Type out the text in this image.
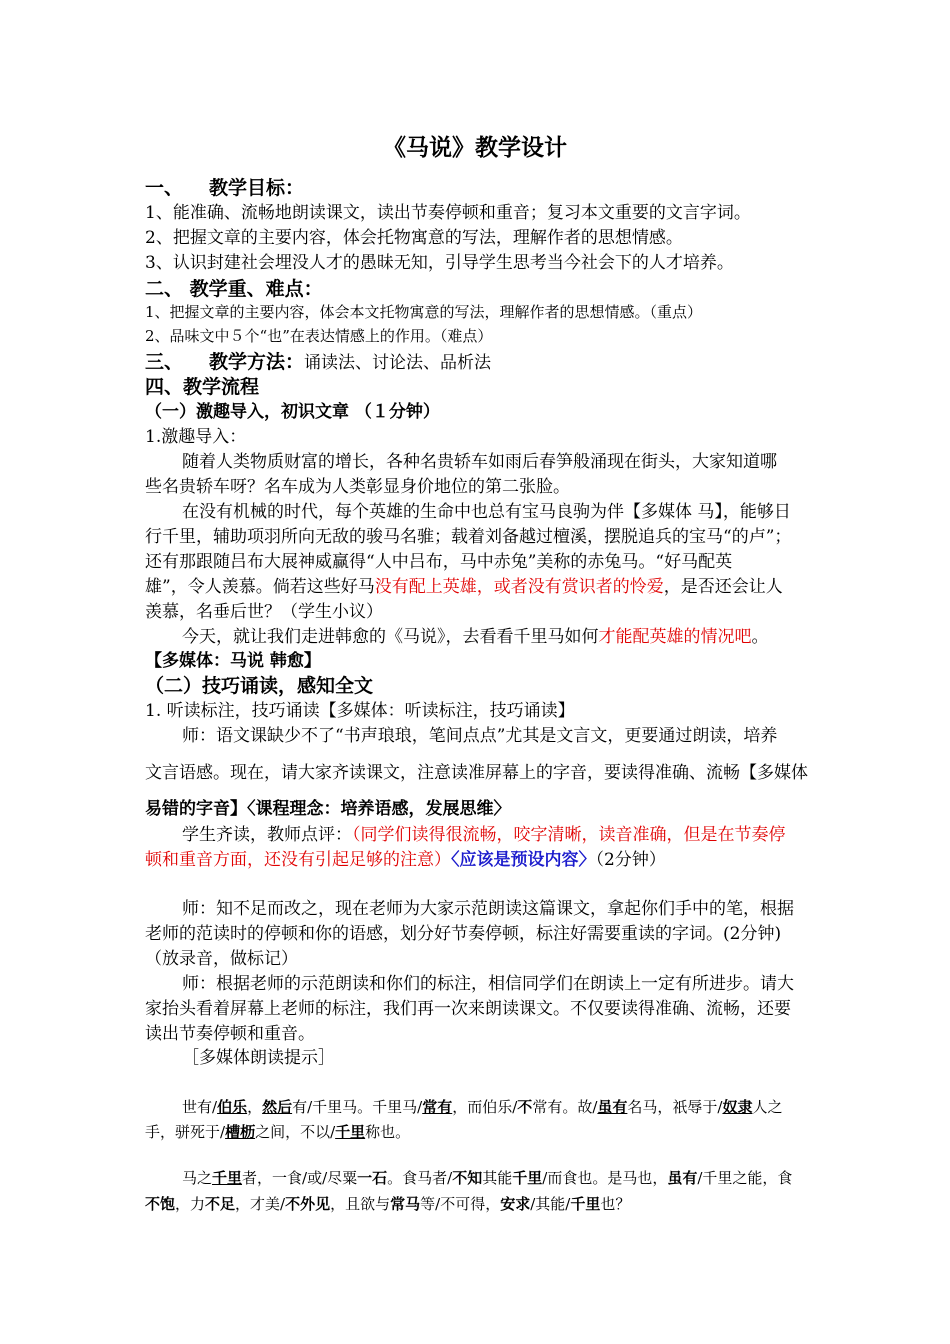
《马说》教学设计
一、 教学目标：
1、能准确、流畅地朗读课文，读出节奏停顿和重音；复习本文重要的文言字词。
2、把握文章的主要内容，体会托物寓意的写法，理解作者的思想情感。
3、认识封建社会埋没人才的愚昧无知，引导学生思考当今社会下的人才培养。
二、 教学重、难点：
1、把握文章的主要内容，体会本文托物寓意的写法，理解作者的思想情感。（重点）
2、品味文中５个“也”在表达情感上的作用。（难点）
三、 教学方法：诵读法、讨论法、品析法
四、教学流程
（一）激趣导入，初识文章 （１分钟）
1.激趣导入：
随着人类物质财富的增长，各种名贵轿车如雨后春笋般涌现在街头，大家知道哪
些名贵轿车呀？名车成为人类彰显身价地位的第二张脸。
在没有机械的时代，每个英雄的生命中也总有宝马良驹为伴【多媒体 马】，能够日
行千里，辅助项羽所向无敌的骏马名骓；载着刘备越过檀溪，摆脱追兵的宝马“的卢”；
还有那跟随吕布大展神威赢得“人中吕布，马中赤兔”美称的赤兔马。“好马配英
雄”，令人羡慕。倘若这些好马没有配上英雄，或者没有赏识者的怜爱，是否还会让人
羡慕，名垂后世？（学生小议）
今天，就让我们走进韩愈的《马说》，去看看千里马如何才能配英雄的情况吧。
【多媒体：马说 韩愈】
（二）技巧诵读，感知全文
1. 听读标注，技巧诵读【多媒体：听读标注，技巧诵读】
师：语文课缺少不了“书声琅琅，笔间点点”尤其是文言文，更要通过朗读，培养
文言语感。现在，请大家齐读课文，注意读准屏幕上的字音，要读得准确、流畅【多媒体
易错的字音】〈课程理念：培养语感，发展思维〉
学生齐读，教师点评：（同学们读得很流畅，咬字清晰，读音准确，但是在节奏停
顿和重音方面，还没有引起足够的注意）〈应该是预设内容〉（2分钟）
师：知不足而改之，现在老师为大家示范朗读这篇课文，拿起你们手中的笔，根据
老师的范读时的停顿和你的语感，划分好节奏停顿，标注好需要重读的字词。(2分钟)
（放录音，做标记）
师：根据老师的示范朗读和你们的标注，相信同学们在朗读上一定有所进步。请大
家抬头看着屏幕上老师的标注，我们再一次来朗读课文。不仅要读得准确、流畅，还要
读出节奏停顿和重音。
［多媒体朗读提示］
世有/伯乐，然后有/千里马。千里马/常有，而伯乐/不常有。故/虽有名马，祇辱于/奴隶人之
手，骈死于/槽枥之间，不以/千里称也。
马之千里者，一食/或/尽粟一石。食马者/不知其能千里/而食也。是马也，虽有/千里之能，食
不饱，力不足，才美/不外见，且欲与常马等/不可得，安求/其能/千里也？
